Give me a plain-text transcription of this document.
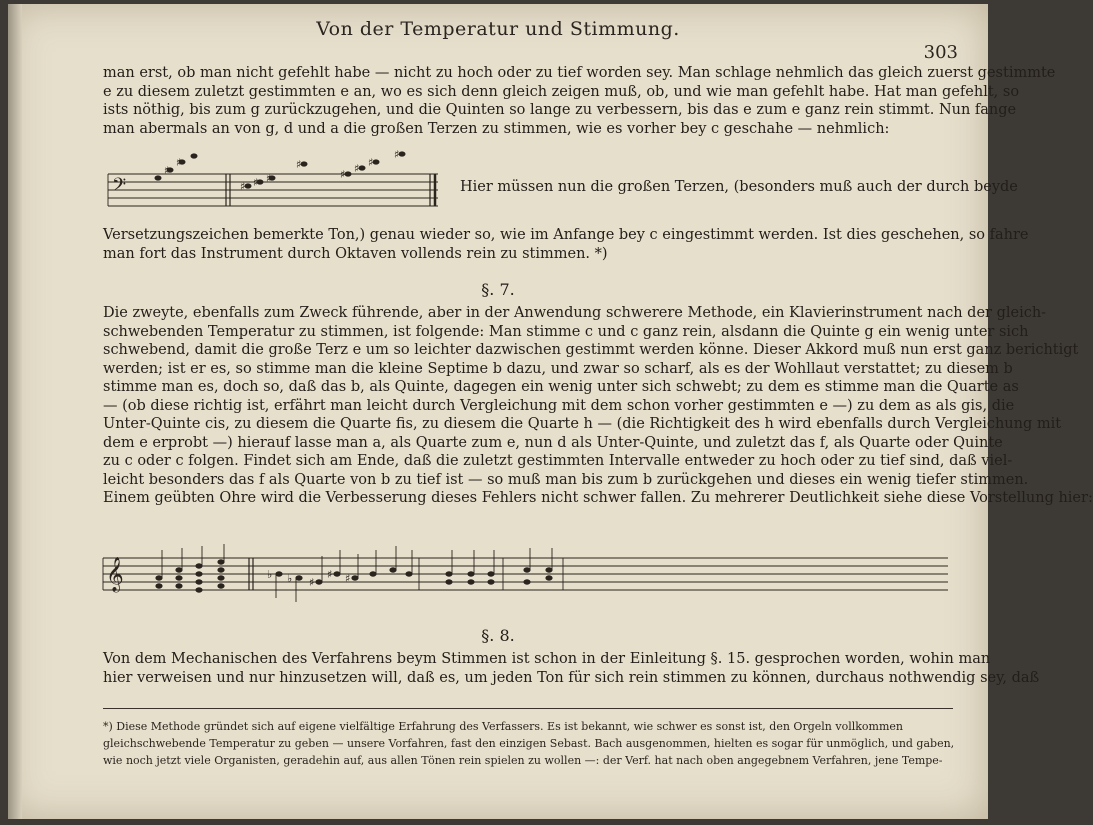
Von der Temperatur und Stimmung.
303
man erst, ob man nicht gefehlt habe — nicht zu hoch oder zu tief worden sey. Man schlage nehmlich das gleich zuerst gestimmte
e zu diesem zuletzt gestimmten e an, wo es sich denn gleich zeigen muß, ob, und wie man gefehlt habe. Hat man gefehlt, so
ists nöthig, bis zum g zurückzugehen, und die Quinten so lange zu verbessern, bis das e zum e ganz rein stimmt. Nun fange
man abermals an von g, d und a die großen Terzen zu stimmen, wie es vorher bey c geschahe — nehmlich:
𝄢
♯
♯
♯ ♯ ♯
♯
♯ ♯ ♯
♯
Hier müssen nun die großen Terzen, (besonders muß auch der durch beyde
Versetzungszeichen bemerkte Ton,) genau wieder so, wie im Anfange bey c eingestimmt werden. Ist dies geschehen, so fahre
man fort das Instrument durch Oktaven vollends rein zu stimmen. *)
§. 7.
Die zweyte, ebenfalls zum Zweck führende, aber in der Anwendung schwerere Methode, ein Klavierinstrument nach der gleich-
schwebenden Temperatur zu stimmen, ist folgende: Man stimme c und c ganz rein, alsdann die Quinte g ein wenig unter sich
schwebend, damit die große Terz e um so leichter dazwischen gestimmt werden könne. Dieser Akkord muß nun erst ganz berichtigt
werden; ist er es, so stimme man die kleine Septime b dazu, und zwar so scharf, als es der Wohllaut verstattet; zu diesem b
stimme man es, doch so, daß das b, als Quinte, dagegen ein wenig unter sich schwebt; zu dem es stimme man die Quarte as
— (ob diese richtig ist, erfährt man leicht durch Vergleichung mit dem schon vorher gestimmten e —) zu dem as als gis, die
Unter-Quinte cis, zu diesem die Quarte fis, zu diesem die Quarte h — (die Richtigkeit des h wird ebenfalls durch Vergleichung mit
dem e erprobt —) hierauf lasse man a, als Quarte zum e, nun d als Unter-Quinte, und zuletzt das f, als Quarte oder Quinte
zu c oder c folgen. Findet sich am Ende, daß die zuletzt gestimmten Intervalle entweder zu hoch oder zu tief sind, daß viel-
leicht besonders das f als Quarte von b zu tief ist — so muß man bis zum b zurückgehen und dieses ein wenig tiefer stimmen.
Einem geübten Ohre wird die Verbesserung dieses Fehlers nicht schwer fallen. Zu mehrerer Deutlichkeit siehe diese Vorstellung hier:
𝄞	♭ ♭ ♯
♯ ♯
§. 8.
Von dem Mechanischen des Verfahrens beym Stimmen ist schon in der Einleitung §. 15. gesprochen worden, wohin man
hier verweisen und nur hinzusetzen will, daß es, um jeden Ton für sich rein stimmen zu können, durchaus nothwendig sey, daß
*) Diese Methode gründet sich auf eigene vielfältige Erfahrung des Verfassers. Es ist bekannt, wie schwer es sonst ist, den Orgeln vollkommen
gleichschwebende Temperatur zu geben — unsere Vorfahren, fast den einzigen Sebast. Bach ausgenommen, hielten es sogar für unmöglich, und gaben,
wie noch jetzt viele Organisten, geradehin auf, aus allen Tönen rein spielen zu wollen —: der Verf. hat nach oben angegebnem Verfahren, jene Tempe-
